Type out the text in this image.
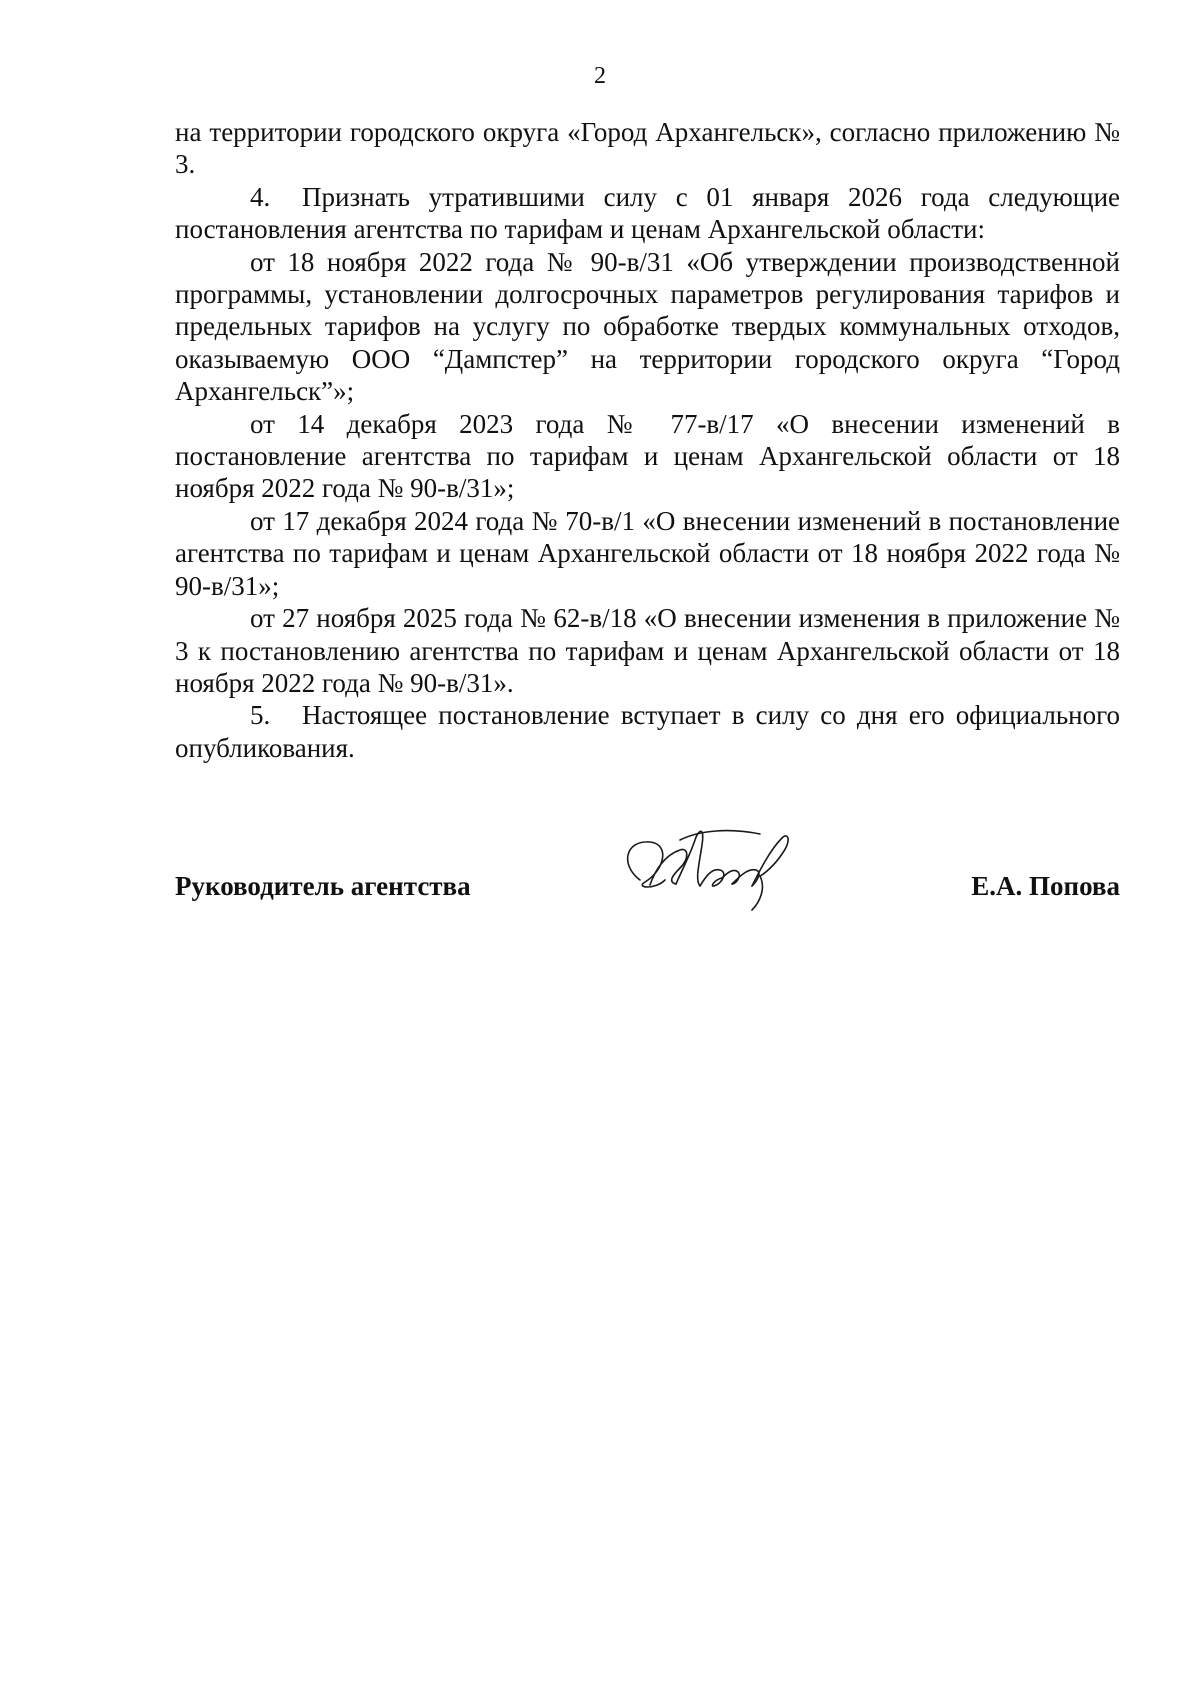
2

на территории городского округа «Город Архангельск», согласно приложению № 3.

4. Признать утратившими силу с 01 января 2026 года следующие постановления агентства по тарифам и ценам Архангельской области:

от 18 ноября 2022 года № 90-в/31 «Об утверждении производственной программы, установлении долгосрочных параметров регулирования тарифов и предельных тарифов на услугу по обработке твердых коммунальных отходов, оказываемую ООО “Дампстер” на территории городского округа “Город Архангельск”»;

от 14 декабря 2023 года № 77-в/17 «О внесении изменений в постановление агентства по тарифам и ценам Архангельской области от 18 ноября 2022 года № 90-в/31»;

от 17 декабря 2024 года № 70-в/1 «О внесении изменений в постановление агентства по тарифам и ценам Архангельской области от 18 ноября 2022 года № 90-в/31»;

от 27 ноября 2025 года № 62-в/18 «О внесении изменения в приложение № 3 к постановлению агентства по тарифам и ценам Архангельской области от 18 ноября 2022 года № 90-в/31».

5. Настоящее постановление вступает в силу со дня его официального опубликования.

Руководитель агентства	Е.А. Попова
